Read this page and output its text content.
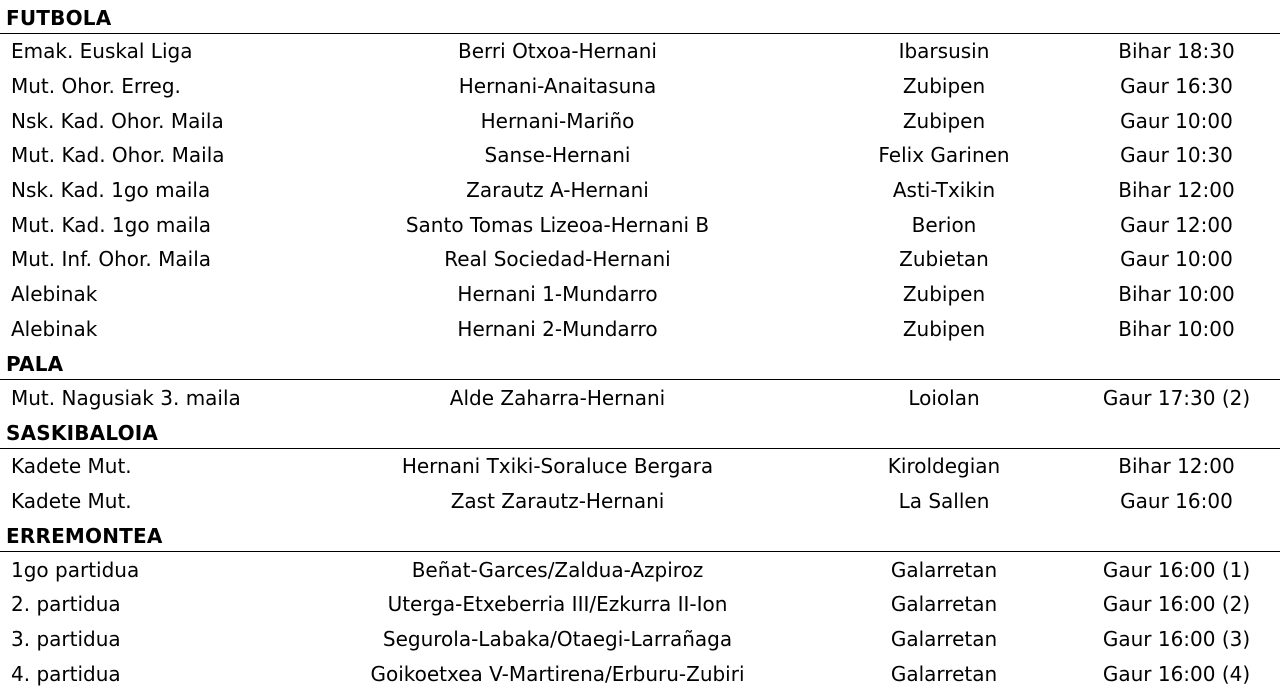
FUTBOLA
Emak. Euskal Liga	Berri Otxoa-Hernani	Ibarsusin	Bihar 18:30
Mut. Ohor. Erreg.	Hernani-Anaitasuna	Zubipen	Gaur 16:30
Nsk. Kad. Ohor. Maila	Hernani-Mariño	Zubipen	Gaur 10:00
Mut. Kad. Ohor. Maila	Sanse-Hernani	Felix Garinen	Gaur 10:30
Nsk. Kad. 1go maila	Zarautz A-Hernani	Asti-Txikin	Bihar 12:00
Mut. Kad. 1go maila	Santo Tomas Lizeoa-Hernani B	Berion	Gaur 12:00
Mut. Inf. Ohor. Maila	Real Sociedad-Hernani	Zubietan	Gaur 10:00
Alebinak	Hernani 1-Mundarro	Zubipen	Bihar 10:00
Alebinak	Hernani 2-Mundarro	Zubipen	Bihar 10:00
PALA
Mut. Nagusiak 3. maila	Alde Zaharra-Hernani	Loiolan	Gaur 17:30 (2)
SASKIBALOIA
Kadete Mut.	Hernani Txiki-Soraluce Bergara	Kiroldegian	Bihar 12:00
Kadete Mut.	Zast Zarautz-Hernani	La Sallen	Gaur 16:00
ERREMONTEA
1go partidua	Beñat-Garces/Zaldua-Azpiroz	Galarretan	Gaur 16:00 (1)
2. partidua	Uterga-Etxeberria III/Ezkurra II-Ion	Galarretan	Gaur 16:00 (2)
3. partidua	Segurola-Labaka/Otaegi-Larrañaga	Galarretan	Gaur 16:00 (3)
4. partidua	Goikoetxea V-Martirena/Erburu-Zubiri	Galarretan	Gaur 16:00 (4)
